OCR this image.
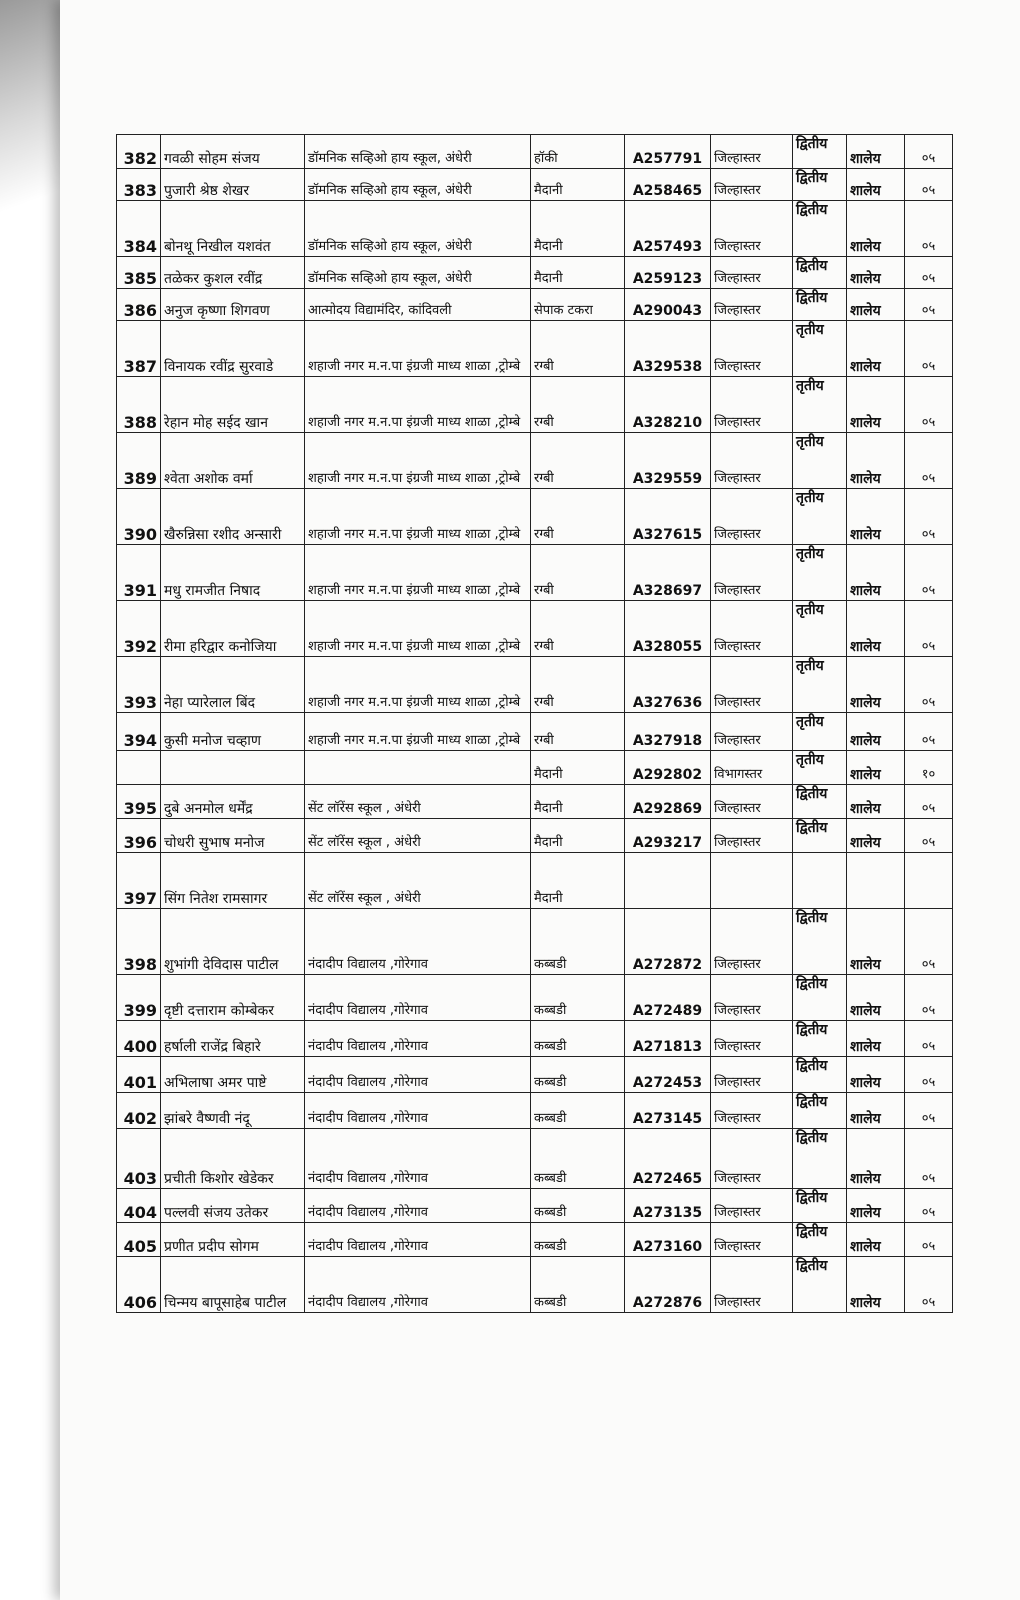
382	गवळी सोहम संजय	डॉमनिक सव्हिओ हाय स्कूल, अंधेरी	हॉकी	A257791	जिल्हास्तर	द्वितीय	शालेय	०५
383	पुजारी श्रेष्ठ शेखर	डॉमनिक सव्हिओ हाय स्कूल, अंधेरी	मैदानी	A258465	जिल्हास्तर	द्वितीय	शालेय	०५
384	बोनथू निखील यशवंत	डॉमनिक सव्हिओ हाय स्कूल, अंधेरी	मैदानी	A257493	जिल्हास्तर	द्वितीय	शालेय	०५
385	तळेकर कुशल रवींद्र	डॉमनिक सव्हिओ हाय स्कूल, अंधेरी	मैदानी	A259123	जिल्हास्तर	द्वितीय	शालेय	०५
386	अनुज कृष्णा शिगवण	आत्मोदय विद्यामंदिर, कांदिवली	सेपाक टकरा	A290043	जिल्हास्तर	द्वितीय	शालेय	०५
387	विनायक रवींद्र सुरवाडे	शहाजी नगर म.न.पा इंग्रजी माध्य शाळा ,ट्रोम्बे	रग्बी	A329538	जिल्हास्तर	तृतीय	शालेय	०५
388	रेहान मोह सईद खान	शहाजी नगर म.न.पा इंग्रजी माध्य शाळा ,ट्रोम्बे	रग्बी	A328210	जिल्हास्तर	तृतीय	शालेय	०५
389	श्वेता अशोक वर्मा	शहाजी नगर म.न.पा इंग्रजी माध्य शाळा ,ट्रोम्बे	रग्बी	A329559	जिल्हास्तर	तृतीय	शालेय	०५
390	खैरुन्निसा रशीद अन्सारी	शहाजी नगर म.न.पा इंग्रजी माध्य शाळा ,ट्रोम्बे	रग्बी	A327615	जिल्हास्तर	तृतीय	शालेय	०५
391	मधु रामजीत निषाद	शहाजी नगर म.न.पा इंग्रजी माध्य शाळा ,ट्रोम्बे	रग्बी	A328697	जिल्हास्तर	तृतीय	शालेय	०५
392	रीमा हरिद्वार कनोजिया	शहाजी नगर म.न.पा इंग्रजी माध्य शाळा ,ट्रोम्बे	रग्बी	A328055	जिल्हास्तर	तृतीय	शालेय	०५
393	नेहा प्यारेलाल बिंद	शहाजी नगर म.न.पा इंग्रजी माध्य शाळा ,ट्रोम्बे	रग्बी	A327636	जिल्हास्तर	तृतीय	शालेय	०५
394	कुसी मनोज चव्हाण	शहाजी नगर म.न.पा इंग्रजी माध्य शाळा ,ट्रोम्बे	रग्बी	A327918	जिल्हास्तर	तृतीय	शालेय	०५
			मैदानी	A292802	विभागस्तर	तृतीय	शालेय	१०
395	दुबे अनमोल धर्मेंद्र	सेंट लॉरेंस स्कूल , अंधेरी	मैदानी	A292869	जिल्हास्तर	द्वितीय	शालेय	०५
396	चोधरी सुभाष मनोज	सेंट लॉरेंस स्कूल , अंधेरी	मैदानी	A293217	जिल्हास्तर	द्वितीय	शालेय	०५
397	सिंग नितेश रामसागर	सेंट लॉरेंस स्कूल , अंधेरी	मैदानी					
398	शुभांगी देविदास पाटील	नंदादीप विद्यालय ,गोरेगाव	कब्बडी	A272872	जिल्हास्तर	द्वितीय	शालेय	०५
399	दृष्टी दत्ताराम कोम्बेकर	नंदादीप विद्यालय ,गोरेगाव	कब्बडी	A272489	जिल्हास्तर	द्वितीय	शालेय	०५
400	हर्षाली राजेंद्र बिहारे	नंदादीप विद्यालय ,गोरेगाव	कब्बडी	A271813	जिल्हास्तर	द्वितीय	शालेय	०५
401	अभिलाषा अमर पाष्टे	नंदादीप विद्यालय ,गोरेगाव	कब्बडी	A272453	जिल्हास्तर	द्वितीय	शालेय	०५
402	झांबरे वैष्णवी नंदू	नंदादीप विद्यालय ,गोरेगाव	कब्बडी	A273145	जिल्हास्तर	द्वितीय	शालेय	०५
403	प्रचीती किशोर खेडेकर	नंदादीप विद्यालय ,गोरेगाव	कब्बडी	A272465	जिल्हास्तर	द्वितीय	शालेय	०५
404	पल्लवी संजय उतेकर	नंदादीप विद्यालय ,गोरेगाव	कब्बडी	A273135	जिल्हास्तर	द्वितीय	शालेय	०५
405	प्रणीत प्रदीप सोगम	नंदादीप विद्यालय ,गोरेगाव	कब्बडी	A273160	जिल्हास्तर	द्वितीय	शालेय	०५
406	चिन्मय बापूसाहेब पाटील	नंदादीप विद्यालय ,गोरेगाव	कब्बडी	A272876	जिल्हास्तर	द्वितीय	शालेय	०५
